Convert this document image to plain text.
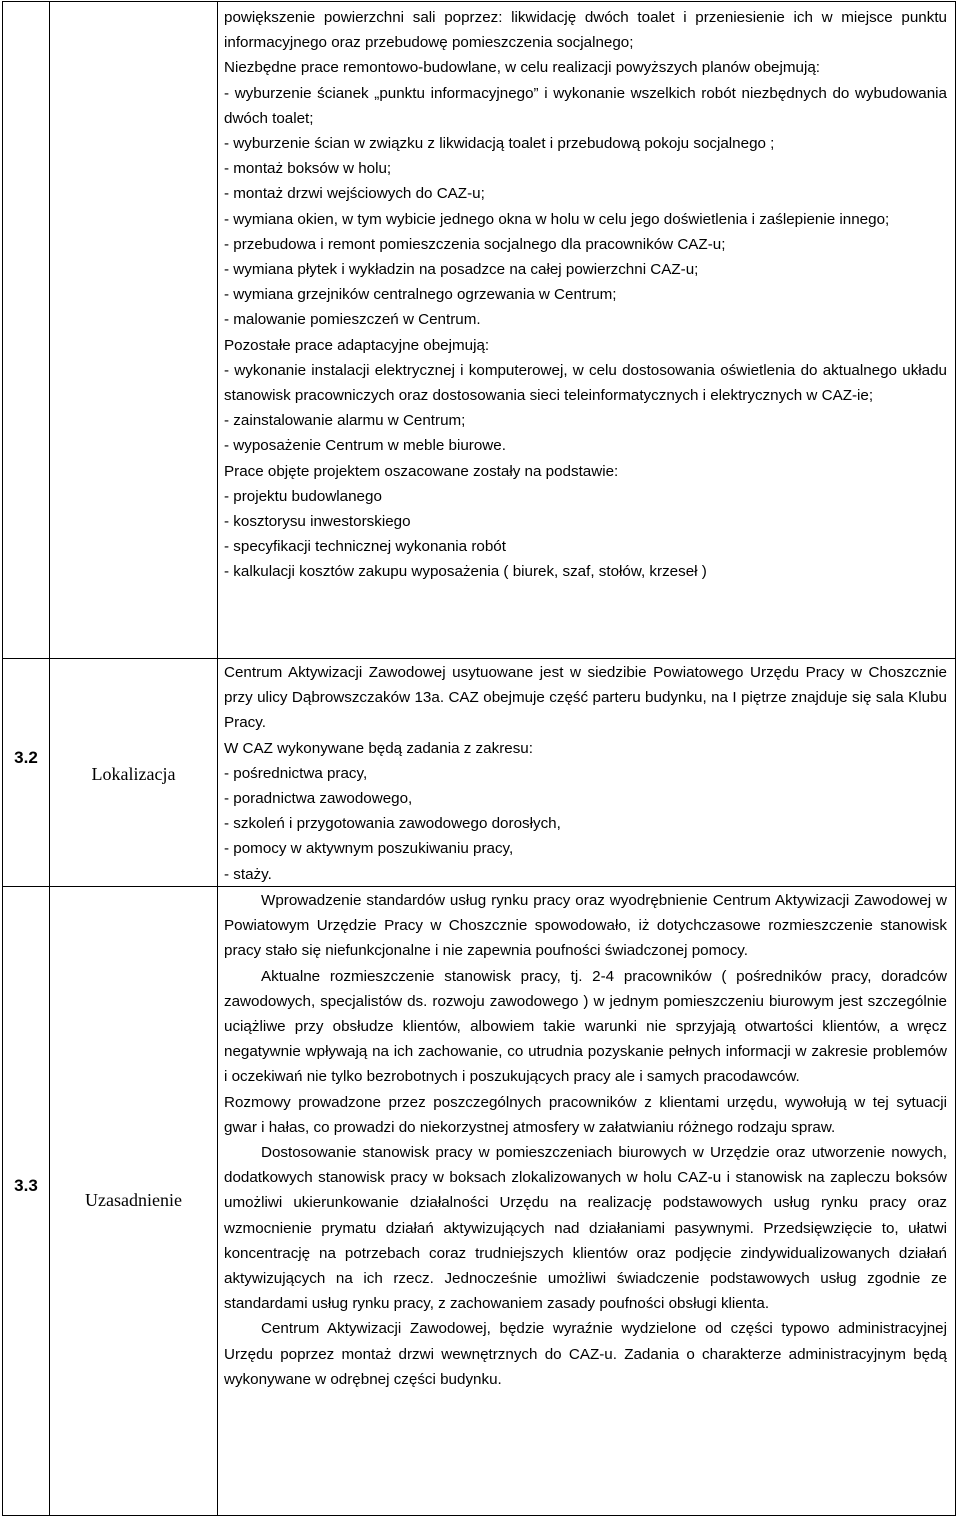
powiększenie powierzchni sali poprzez: likwidację dwóch toalet i przeniesienie ich w miejsce punktu informacyjnego oraz przebudowę pomieszczenia socjalnego;

Niezbędne prace remontowo-budowlane, w celu realizacji powyższych planów obejmują:

- wyburzenie ścianek „punktu informacyjnego” i wykonanie wszelkich robót niezbędnych do wybudowania dwóch toalet;

- wyburzenie ścian w związku z likwidacją toalet i przebudową pokoju socjalnego ;

- montaż boksów w holu;

- montaż drzwi wejściowych do CAZ-u;

- wymiana okien, w tym wybicie jednego okna w holu w celu jego doświetlenia i zaślepienie innego;

- przebudowa i remont pomieszczenia socjalnego dla pracowników CAZ-u;

- wymiana płytek i wykładzin na posadzce na całej powierzchni CAZ-u;

- wymiana grzejników centralnego ogrzewania w Centrum;

- malowanie pomieszczeń w Centrum.

Pozostałe prace adaptacyjne obejmują:

- wykonanie instalacji elektrycznej i komputerowej, w celu dostosowania oświetlenia do aktualnego układu stanowisk pracowniczych oraz dostosowania sieci teleinformatycznych i elektrycznych w CAZ-ie;

- zainstalowanie alarmu w Centrum;

- wyposażenie Centrum w meble biurowe.

Prace objęte projektem oszacowane zostały na podstawie:

- projektu budowlanego

- kosztorysu inwestorskiego

- specyfikacji technicznej wykonania robót

- kalkulacji kosztów zakupu wyposażenia ( biurek, szaf, stołów, krzeseł )

3.2
Lokalizacja

Centrum Aktywizacji Zawodowej usytuowane jest w siedzibie Powiatowego Urzędu Pracy w Choszcznie przy ulicy Dąbrowszczaków 13a. CAZ obejmuje część parteru budynku, na I piętrze znajduje się sala Klubu Pracy.

W CAZ wykonywane będą zadania z zakresu:

- pośrednictwa pracy,

- poradnictwa zawodowego,

- szkoleń i przygotowania zawodowego dorosłych,

- pomocy w aktywnym poszukiwaniu pracy,

- staży.

3.3
Uzasadnienie

Wprowadzenie standardów usług rynku pracy oraz wyodrębnienie Centrum Aktywizacji Zawodowej w Powiatowym Urzędzie Pracy w Choszcznie spowodowało, iż dotychczasowe rozmieszczenie stanowisk pracy stało się niefunkcjonalne i nie zapewnia poufności świadczonej pomocy.

Aktualne rozmieszczenie stanowisk pracy, tj. 2-4 pracowników ( pośredników pracy, doradców zawodowych, specjalistów ds. rozwoju zawodowego ) w jednym pomieszczeniu biurowym jest szczególnie uciążliwe przy obsłudze klientów, albowiem takie warunki nie sprzyjają otwartości klientów, a wręcz negatywnie wpływają na ich zachowanie, co utrudnia pozyskanie pełnych informacji w zakresie problemów i oczekiwań nie tylko bezrobotnych i poszukujących pracy ale i samych pracodawców.

Rozmowy prowadzone przez poszczególnych pracowników z klientami urzędu, wywołują w tej sytuacji gwar i hałas, co prowadzi do niekorzystnej atmosfery w załatwianiu różnego rodzaju spraw.

Dostosowanie stanowisk pracy w pomieszczeniach biurowych w Urzędzie oraz utworzenie nowych, dodatkowych stanowisk pracy w boksach zlokalizowanych w holu CAZ-u i stanowisk na zapleczu boksów umożliwi ukierunkowanie działalności Urzędu na realizację podstawowych usług rynku pracy oraz wzmocnienie prymatu działań aktywizujących nad działaniami pasywnymi. Przedsięwzięcie to, ułatwi koncentrację na potrzebach coraz trudniejszych klientów oraz podjęcie zindywidualizowanych działań aktywizujących na ich rzecz. Jednocześnie umożliwi świadczenie podstawowych usług zgodnie ze standardami usług rynku pracy, z zachowaniem zasady poufności obsługi klienta.

Centrum Aktywizacji Zawodowej, będzie wyraźnie wydzielone od części typowo administracyjnej Urzędu poprzez montaż drzwi wewnętrznych do CAZ-u. Zadania o charakterze administracyjnym będą wykonywane w odrębnej części budynku.
